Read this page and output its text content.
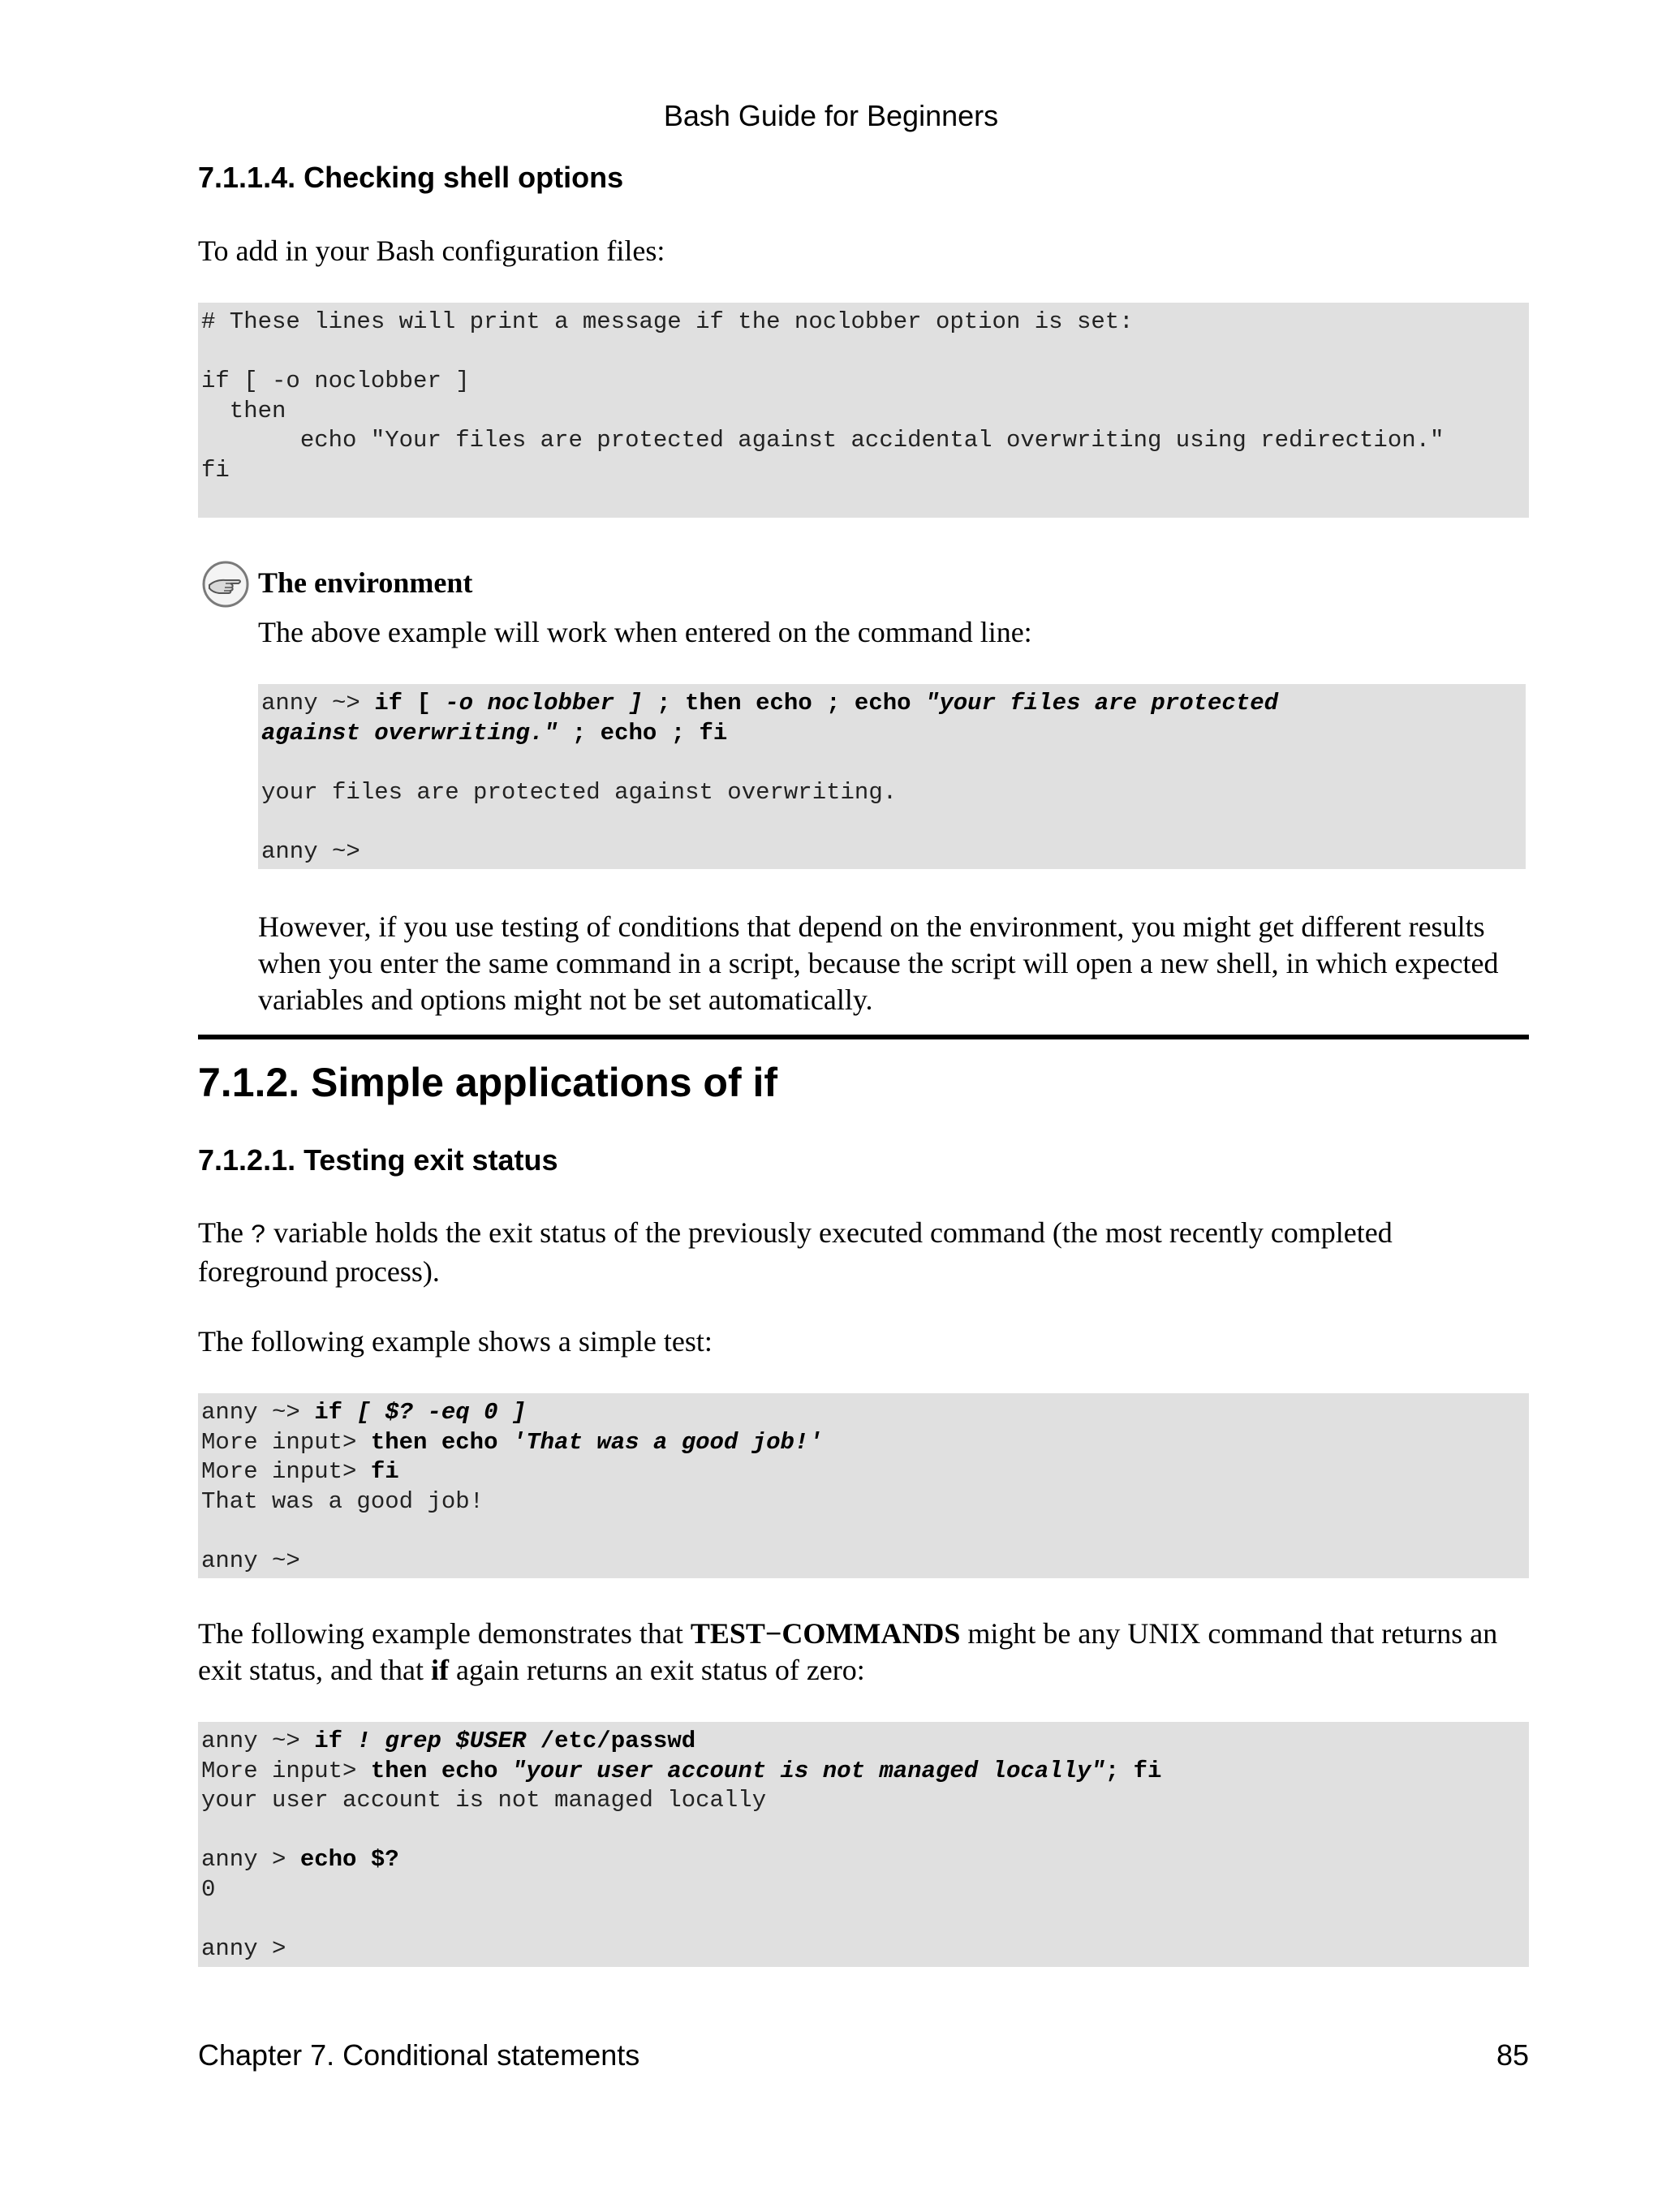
Bash Guide for Beginners
7.1.1.4. Checking shell options
To add in your Bash configuration files:
# These lines will print a message if the noclobber option is set:

if [ -o noclobber ]
then
echo "Your files are protected against accidental overwriting using redirection."
fi
The environment
The above example will work when entered on the command line:
anny ~> if [ -o noclobber ] ; then echo ; echo "your files are protected
against overwriting." ; echo ; fi

your files are protected against overwriting.

anny ~>
However, if you use testing of conditions that depend on the environment, you might get different results when you enter the same command in a script, because the script will open a new shell, in which expected variables and options might not be set automatically.
7.1.2. Simple applications of if
7.1.2.1. Testing exit status
The ? variable holds the exit status of the previously executed command (the most recently completed foreground process).
The following example shows a simple test:
anny ~> if [ $? -eq 0 ]
More input> then echo 'That was a good job!'
More input> fi
That was a good job!

anny ~>
The following example demonstrates that TEST−COMMANDS might be any UNIX command that returns an exit status, and that if again returns an exit status of zero:
anny ~> if ! grep $USER /etc/passwd
More input> then echo "your user account is not managed locally"; fi
your user account is not managed locally

anny > echo $?
0

anny >
Chapter 7. Conditional statements	85
